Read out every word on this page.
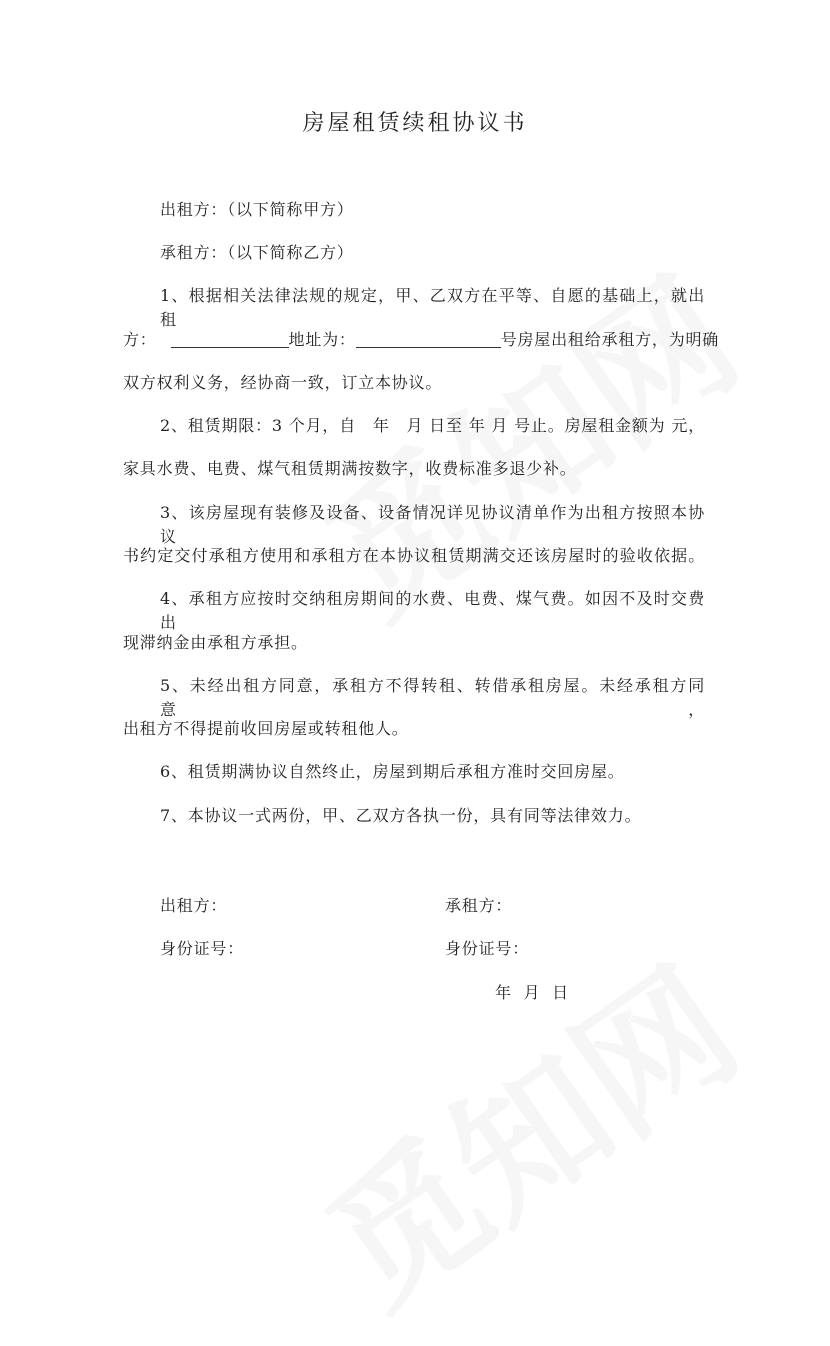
房屋租赁续租协议书
出租方：（以下简称甲方）
承租方：（以下简称乙方）
1、根据相关法律法规的规定，甲、乙双方在平等、自愿的基础上，就出租
方：	地址为：	号房屋出租给承租方，为明确
双方权利义务，经协商一致，订立本协议。
2、租赁期限：3 个月，自　年　月 日至 年 月 号止。房屋租金额为 元，
家具水费、电费、煤气租赁期满按数字，收费标准多退少补。
3、该房屋现有装修及设备、设备情况详见协议清单作为出租方按照本协议
书约定交付承租方使用和承租方在本协议租赁期满交还该房屋时的验收依据。
4、承租方应按时交纳租房期间的水费、电费、煤气费。如因不及时交费出
现滞纳金由承租方承担。
5、未经出租方同意，承租方不得转租、转借承租房屋。未经承租方同意，
出租方不得提前收回房屋或转租他人。
6、租赁期满协议自然终止，房屋到期后承租方准时交回房屋。
7、本协议一式两份，甲、乙双方各执一份，具有同等法律效力。
出租方：	承租方：
身份证号：	身份证号：
年  月  日
